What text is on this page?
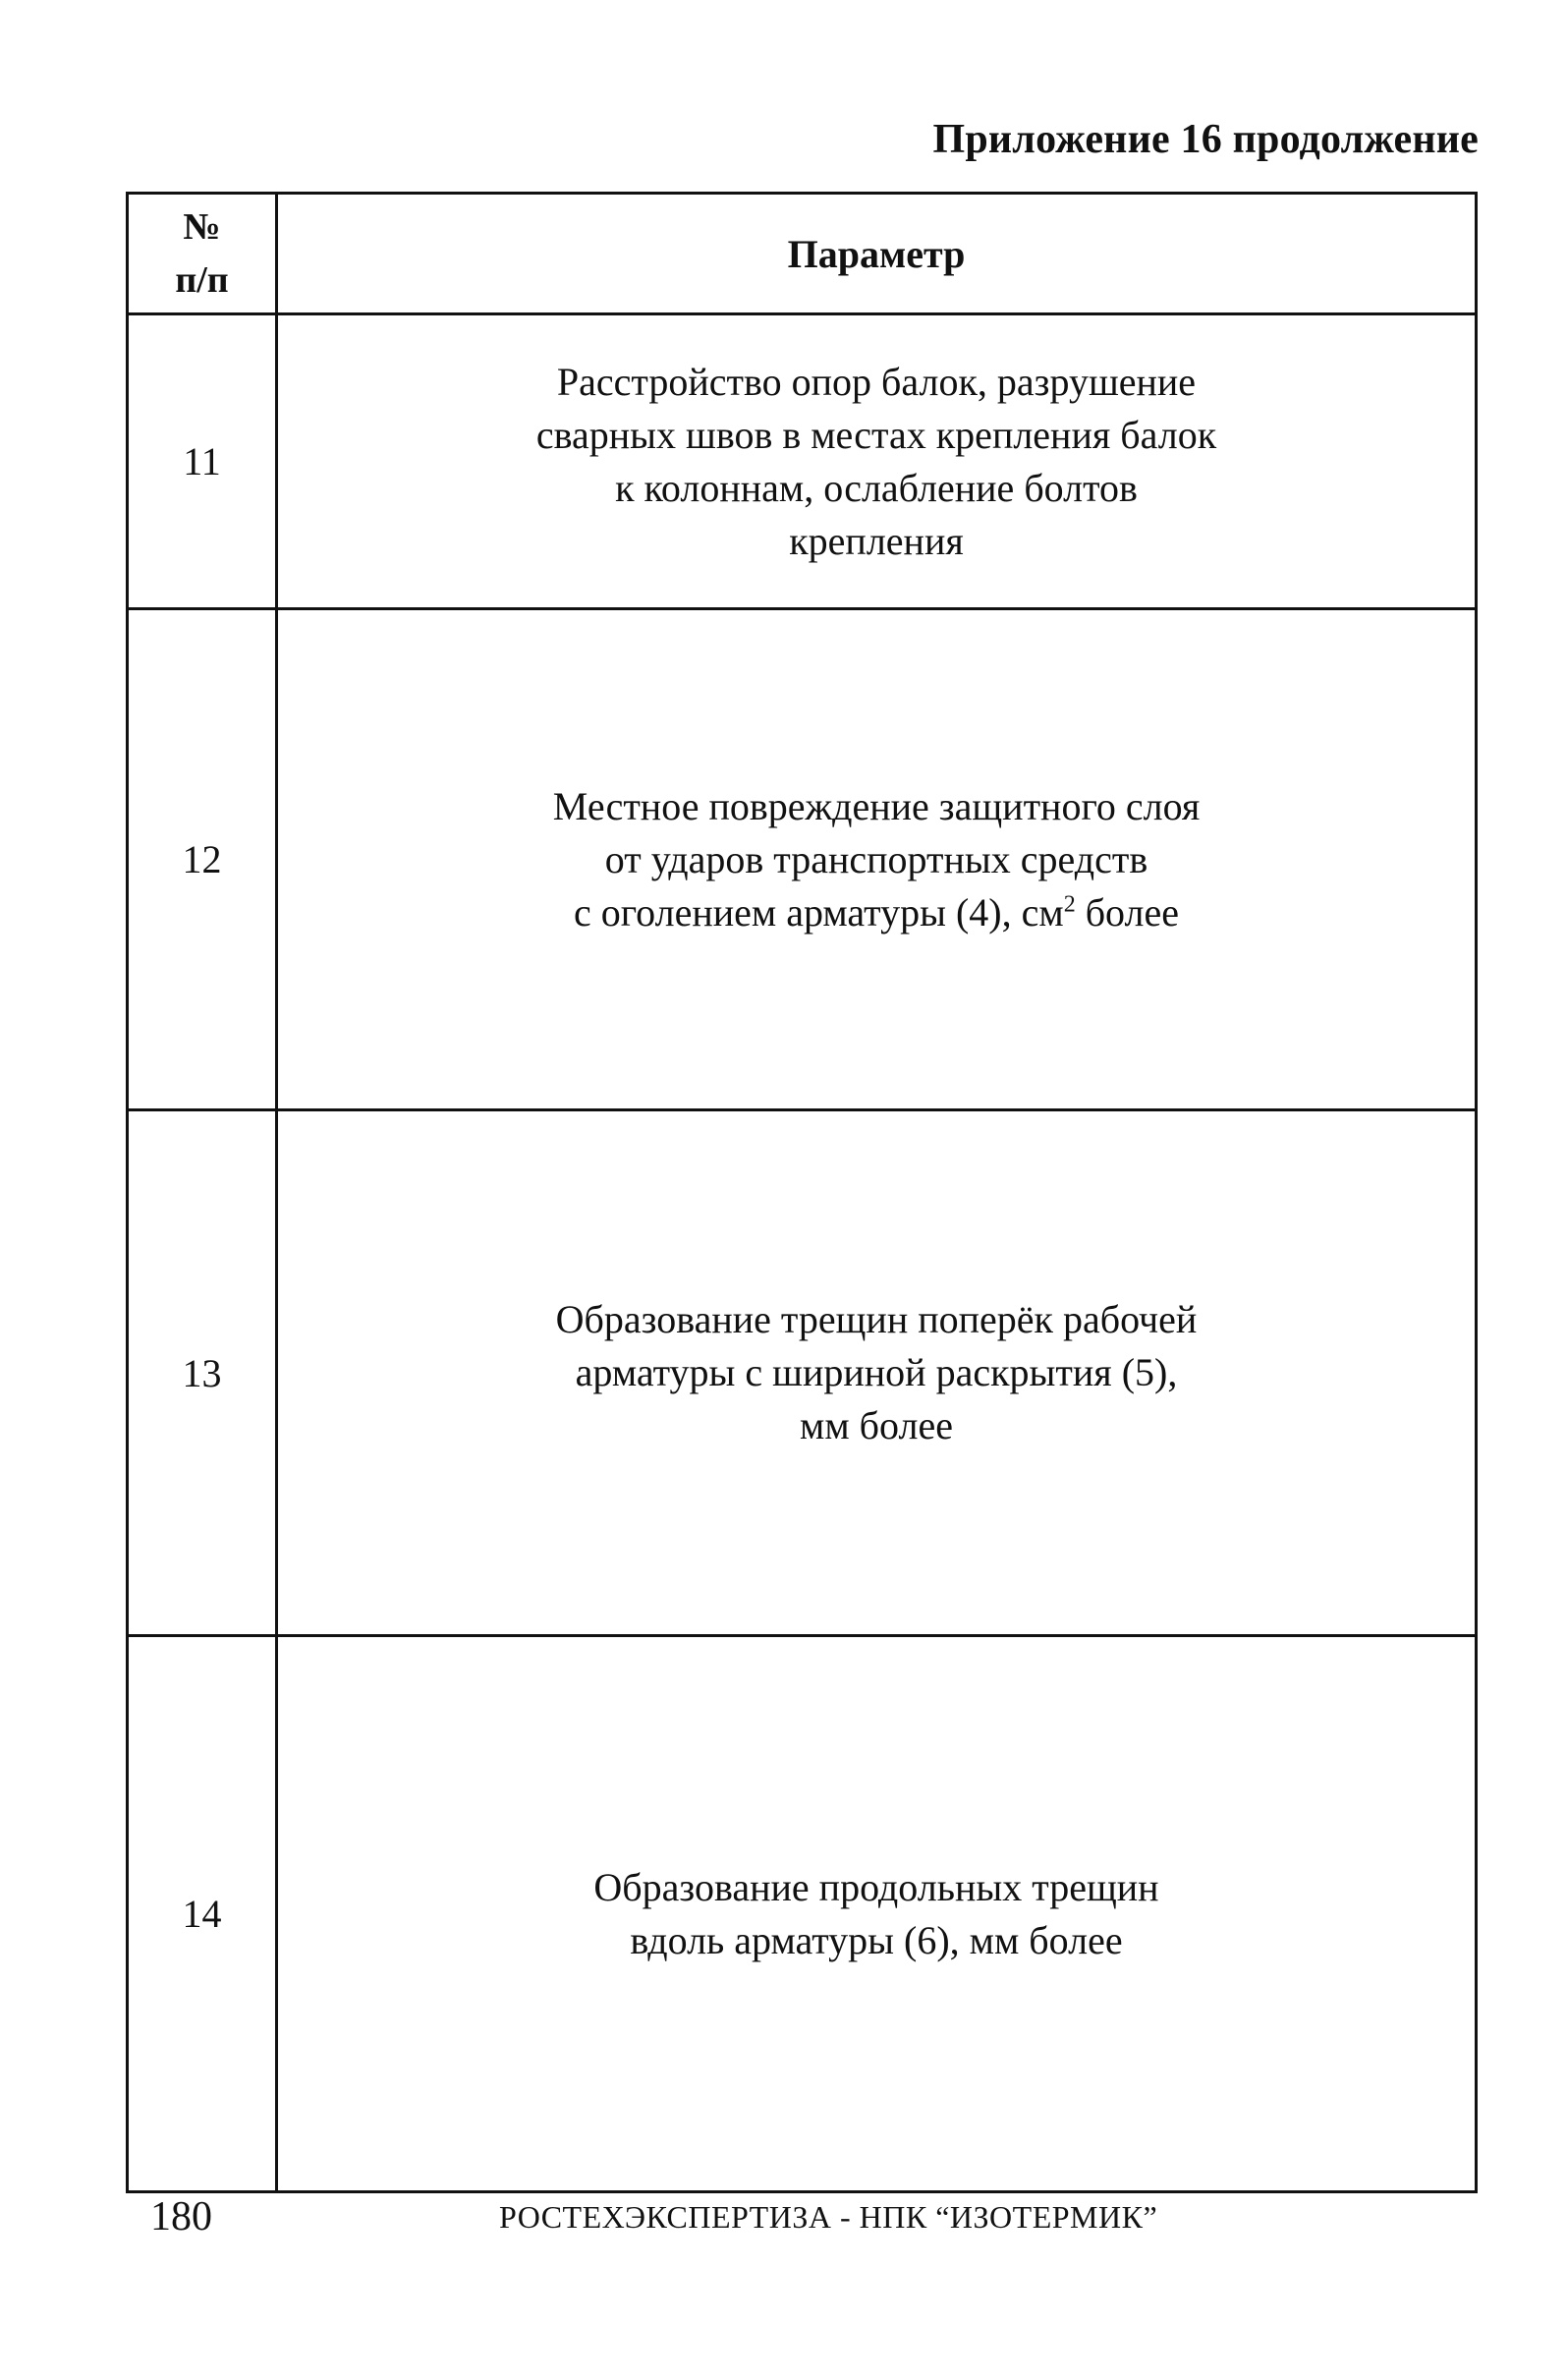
Приложение 16 продолжение
№
п/п	Параметр
11	Расстройство опор балок, разрушение
сварных швов в местах крепления балок
к колоннам, ослабление болтов
крепления
12	Местное повреждение защитного слоя
от ударов транспортных средств
с оголением арматуры (4), $см^2$ более
13	Образование трещин поперёк рабочей
арматуры с шириной раскрытия (5),
мм более
14	Образование продольных трещин
вдоль арматуры (6), мм более
180	РОСТЕХЭКСПЕРТИЗА - НПК “ИЗОТЕРМИК”
